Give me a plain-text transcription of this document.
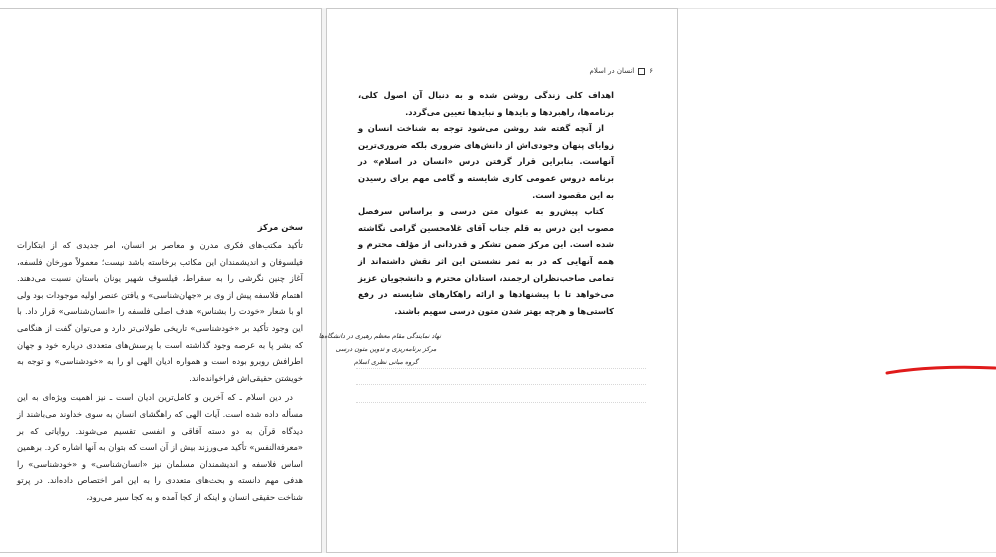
سخن مرکز

تأکید مکتب‌های فکری مدرن و معاصر بر انسان، امر جدیدی که از ابتکارات فیلسوفان و اندیشمندان این مکاتب برخاسته باشد نیست؛ معمولاً مورخان فلسفه، آغاز چنین نگرشی را به سقراط، فیلسوف شهیر یونان باستان نسبت می‌دهند. اهتمام فلاسفه پیش از وی بر «جهان‌شناسی» و یافتن عنصر اولیه موجودات بود ولی او با شعار «خودت را بشناس» هدف اصلی فلسفه را «انسان‌شناسی» قرار داد. با این وجود تأکید بر «خودشناسی» تاریخی طولانی‌تر دارد و می‌توان گفت از هنگامی که بشر پا به عرصه وجود گذاشته است با پرسش‌های متعددی درباره خود و جهان اطرافش روبرو بوده است و همواره ادیان الهی او را به «خودشناسی» و توجه به خویشتن حقیقی‌اش فراخوانده‌اند.

در دین اسلام ـ که آخرین و کامل‌ترین ادیان است ـ نیز اهمیت ویژه‌ای به این مسأله داده شده است. آیات الهی که راهگشای انسان به سوی خداوند می‌باشند از دیدگاه قرآن به دو دسته آفاقی و انفسی تقسیم می‌شوند. روایاتی که بر «معرفة‌النفس» تأکید می‌ورزند بیش از آن است که بتوان به آنها اشاره کرد. برهمین اساس فلاسفه و اندیشمندان مسلمان نیز «انسان‌شناسی» و «خودشناسی» را هدفی مهم دانسته و بحث‌های متعددی را به این امر اختصاص داده‌اند. در پرتو شناخت حقیقی انسان و اینکه از کجا آمده و به کجا سیر می‌رود،

۶
انسان در اسلام

اهداف کلی زندگی روشن شده و به دنبال آن اصول کلی، برنامه‌ها، راهبردها و بایدها و نبایدها تعیین می‌گردد.

از آنچه گفته شد روشن می‌شود توجه به شناخت انسان و زوایای پنهان وجودی‌اش از دانش‌های ضروری بلکه ضروری‌ترین آنهاست. بنابراین قرار گرفتن درس «انسان در اسلام» در برنامه دروس عمومی کاری شایسته و گامی مهم برای رسیدن به این مقصود است.

کتاب پیش‌رو به عنوان متن درسی و براساس سرفصل مصوب این درس به قلم جناب آقای غلامحسین گرامی نگاشته شده است. این مرکز ضمن تشکر و قدردانی از مؤلف محترم و همه آنهایی که در به ثمر نشستن این اثر نقش داشته‌اند از تمامی صاحب‌نظران ارجمند، استادان محترم و دانشجویان عزیز می‌خواهد تا با پیشنهادها و ارائه راهکارهای شایسته در رفع کاستی‌ها و هرچه بهتر شدن متون درسی سهیم باشند.

نهاد نمایندگی مقام معظم رهبری در دانشگاه‌ها
مرکز برنامه‌ریزی و تدوین متون درسی
گروه مبانی نظری اسلام
